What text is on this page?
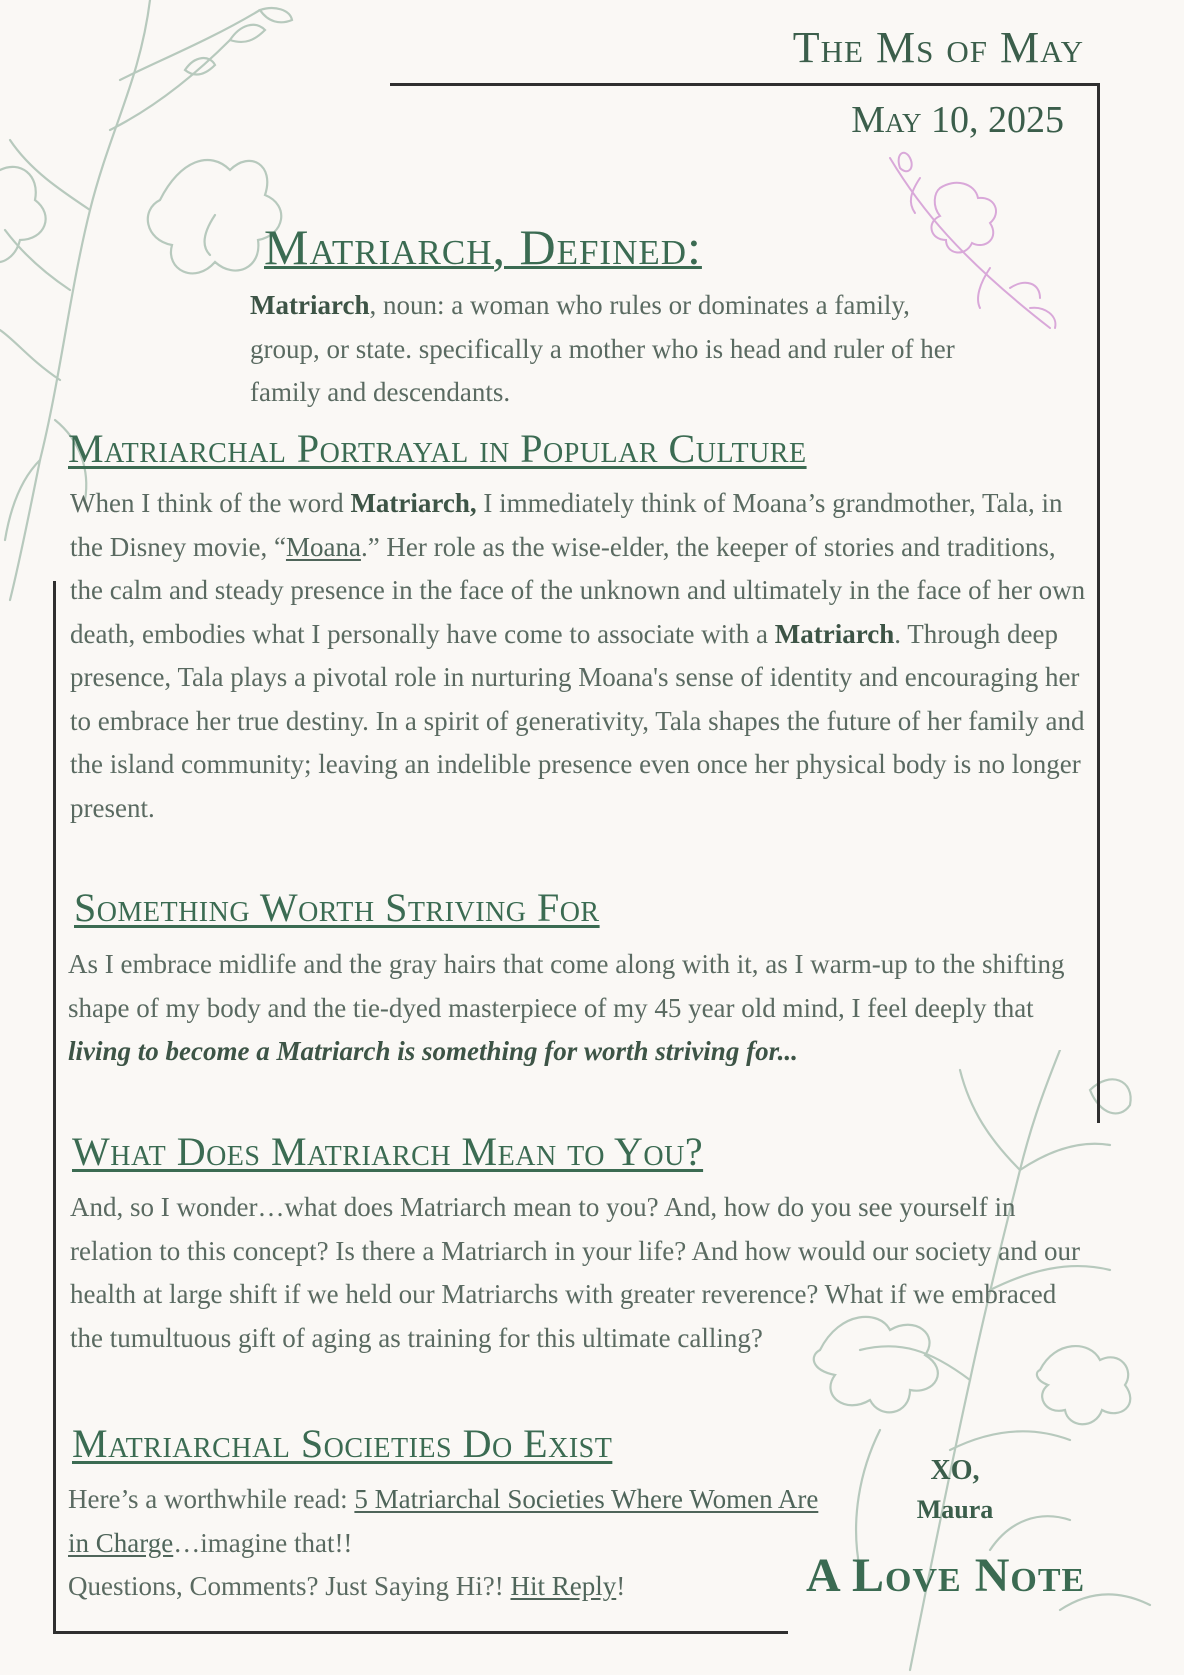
The Ms of May
May 10, 2025
Matriarch, Defined:
Matriarch, noun: a woman who rules or dominates a family, group, or state. specifically a mother who is head and ruler of her family and descendants.
Matriarchal Portrayal in Popular Culture
When I think of the word Matriarch, I immediately think of Moana’s grandmother, Tala, in the Disney movie, “Moana.” Her role as the wise-elder, the keeper of stories and traditions, the calm and steady presence in the face of the unknown and ultimately in the face of her own death, embodies what I personally have come to associate with a Matriarch. Through deep presence, Tala plays a pivotal role in nurturing Moana's sense of identity and encouraging her to embrace her true destiny. In a spirit of generativity, Tala shapes the future of her family and the island community; leaving an indelible presence even once her physical body is no longer present.
Something Worth Striving For
As I embrace midlife and the gray hairs that come along with it, as I warm-up to the shifting shape of my body and the tie-dyed masterpiece of my 45 year old mind, I feel deeply that living to become a Matriarch is something for worth striving for...
What Does Matriarch Mean to You?
And, so I wonder…what does Matriarch mean to you? And, how do you see yourself in relation to this concept? Is there a Matriarch in your life? And how would our society and our health at large shift if we held our Matriarchs with greater reverence? What if we embraced the tumultuous gift of aging as training for this ultimate calling?
Matriarchal Societies Do Exist
Here’s a worthwhile read: 5 Matriarchal Societies Where Women Are in Charge…imagine that!!
Questions, Comments? Just Saying Hi?! Hit Reply!
XO,
Maura
A Love Note
